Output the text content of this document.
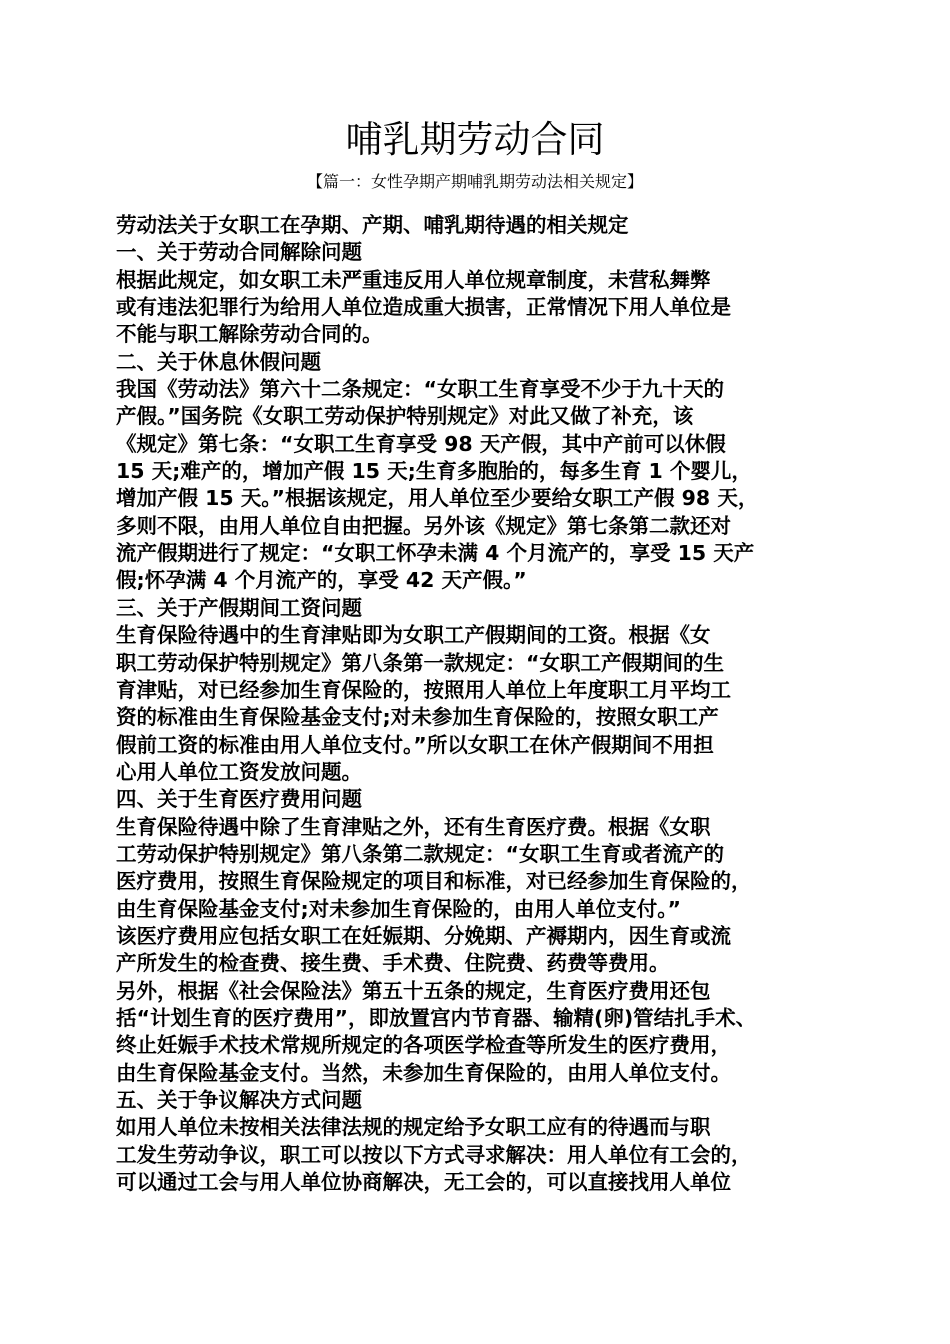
哺乳期劳动合同
【篇一：女性孕期产期哺乳期劳动法相关规定】
劳动法关于女职工在孕期、产期、哺乳期待遇的相关规定
一、关于劳动合同解除问题
根据此规定，如女职工未严重违反用人单位规章制度，未营私舞弊
或有违法犯罪行为给用人单位造成重大损害，正常情况下用人单位是
不能与职工解除劳动合同的。
二、关于休息休假问题
我国《劳动法》第六十二条规定：“女职工生育享受不少于九十天的
产假。”国务院《女职工劳动保护特别规定》对此又做了补充，该
《规定》第七条：“女职工生育享受 98 天产假，其中产前可以休假
15 天;难产的，增加产假 15 天;生育多胞胎的，每多生育 1 个婴儿，
增加产假 15 天。”根据该规定，用人单位至少要给女职工产假 98 天，
多则不限，由用人单位自由把握。另外该《规定》第七条第二款还对
流产假期进行了规定：“女职工怀孕未满 4 个月流产的，享受 15 天产
假;怀孕满 4 个月流产的，享受 42 天产假。”
三、关于产假期间工资问题
生育保险待遇中的生育津贴即为女职工产假期间的工资。根据《女
职工劳动保护特别规定》第八条第一款规定：“女职工产假期间的生
育津贴，对已经参加生育保险的，按照用人单位上年度职工月平均工
资的标准由生育保险基金支付;对未参加生育保险的，按照女职工产
假前工资的标准由用人单位支付。”所以女职工在休产假期间不用担
心用人单位工资发放问题。
四、关于生育医疗费用问题
生育保险待遇中除了生育津贴之外，还有生育医疗费。根据《女职
工劳动保护特别规定》第八条第二款规定：“女职工生育或者流产的
医疗费用，按照生育保险规定的项目和标准，对已经参加生育保险的，
由生育保险基金支付;对未参加生育保险的，由用人单位支付。”
该医疗费用应包括女职工在妊娠期、分娩期、产褥期内，因生育或流
产所发生的检查费、接生费、手术费、住院费、药费等费用。
另外，根据《社会保险法》第五十五条的规定，生育医疗费用还包
括“计划生育的医疗费用”，即放置宫内节育器、输精(卵)管结扎手术、
终止妊娠手术技术常规所规定的各项医学检查等所发生的医疗费用，
由生育保险基金支付。当然，未参加生育保险的，由用人单位支付。
五、关于争议解决方式问题
如用人单位未按相关法律法规的规定给予女职工应有的待遇而与职
工发生劳动争议，职工可以按以下方式寻求解决：用人单位有工会的，
可以通过工会与用人单位协商解决，无工会的，可以直接找用人单位
